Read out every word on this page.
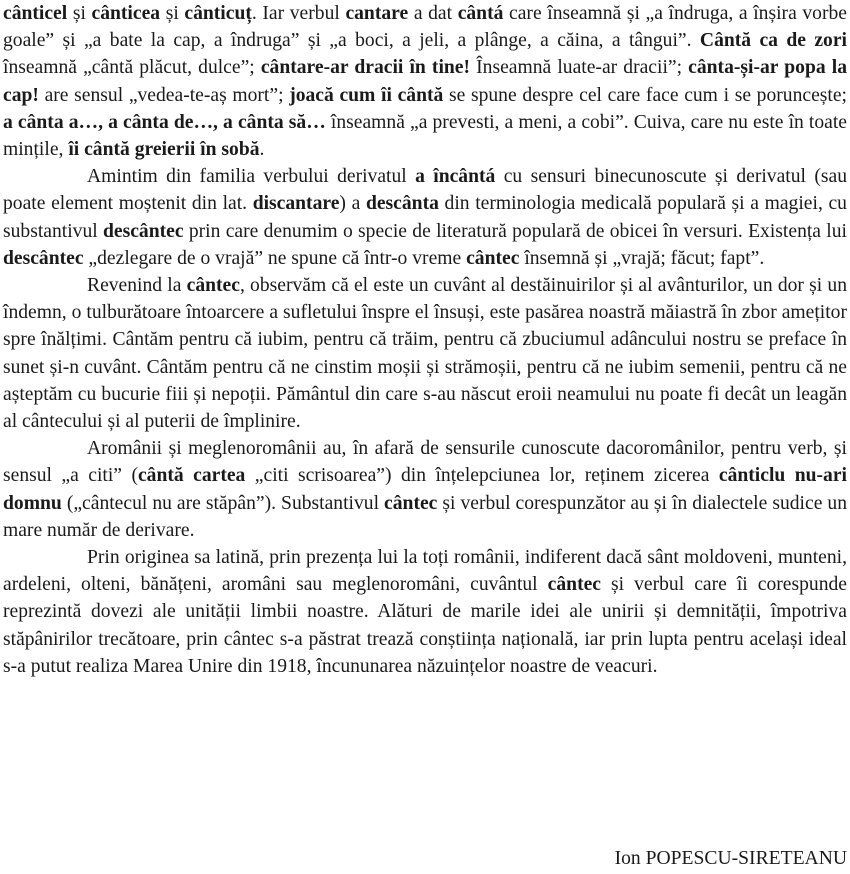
cânticel și cânticea și cânticuț. Iar verbul cantare a dat cântá care înseamnă și „a îndruga, a înșira vorbe goale” și „a bate la cap, a îndruga” și „a boci, a jeli, a plânge, a căina, a tângui”. Cântă ca de zori înseamnă „cântă plăcut, dulce”; cântare-ar dracii în tine! Înseamnă luate-ar dracii”; cânta-și-ar popa la cap! are sensul „vedea-te-aș mort”; joacă cum îi cântă se spune despre cel care face cum i se poruncește; a cânta a…, a cânta de…, a cânta să… înseamnă „a prevesti, a meni, a cobi”. Cuiva, care nu este în toate mințile, îi cântă greierii în sobă.

Amintim din familia verbului derivatul a încântá cu sensuri binecunoscute și derivatul (sau poate element moștenit din lat. discantare) a descânta din terminologia medicală populară și a magiei, cu substantivul descântec prin care denumim o specie de literatură populară de obicei în versuri. Existența lui descântec „dezlegare de o vrajă” ne spune că într-o vreme cântec însemnă și „vrajă; făcut; fapt”.

Revenind la cântec, observăm că el este un cuvânt al destăinuirilor și al avânturilor, un dor și un îndemn, o tulburătoare întoarcere a sufletului înspre el însuși, este pasărea noastră măiastră în zbor amețitor spre înălțimi. Cântăm pentru că iubim, pentru că trăim, pentru că zbuciumul adâncului nostru se preface în sunet și-n cuvânt. Cântăm pentru că ne cinstim moșii și strămoșii, pentru că ne iubim semenii, pentru că ne așteptăm cu bucurie fiii și nepoții. Pământul din care s-au născut eroii neamului nu poate fi decât un leagăn al cântecului și al puterii de împlinire.

Aromânii și meglenoromânii au, în afară de sensurile cunoscute dacoromânilor, pentru verb, și sensul „a citi” (cântă cartea „citi scrisoarea”) din înțelepciunea lor, reținem zicerea cânticlu nu-ari domnu („cântecul nu are stăpân”). Substantivul cântec și verbul corespunzător au și în dialectele sudice un mare număr de derivare.

Prin originea sa latină, prin prezența lui la toți românii, indiferent dacă sânt moldoveni, munteni, ardeleni, olteni, bănățeni, aromâni sau meglenoromâni, cuvântul cântec și verbul care îi corespunde reprezintă dovezi ale unității limbii noastre. Alături de marile idei ale unirii și demnității, împotriva stăpânirilor trecătoare, prin cântec s-a păstrat trează conștiința națională, iar prin lupta pentru același ideal s-a putut realiza Marea Unire din 1918, încununarea năzuințelor noastre de veacuri.

Ion POPESCU-SIRETEANU
